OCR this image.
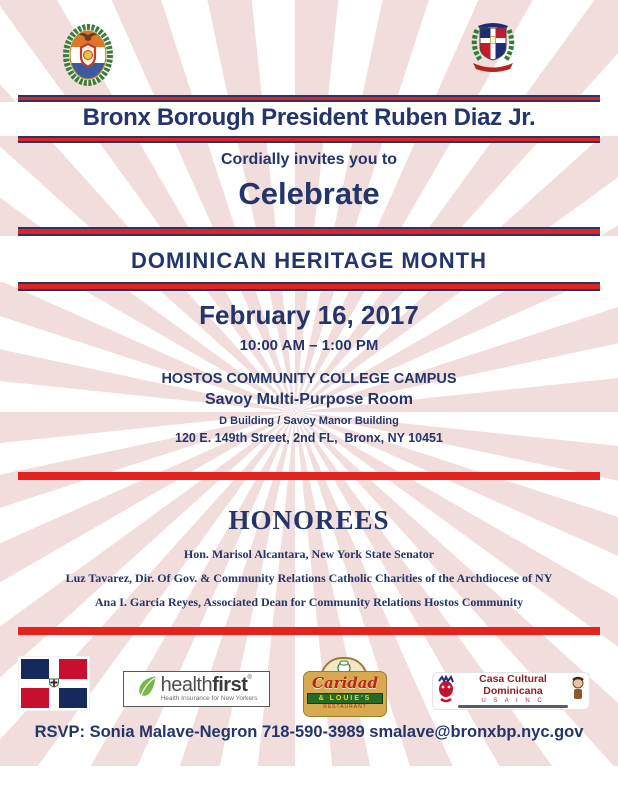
Bronx Borough President Ruben Diaz Jr.
Cordially invites you to
Celebrate
DOMINICAN HERITAGE MONTH
February 16, 2017
10:00 AM – 1:00 PM
HOSTOS COMMUNITY COLLEGE CAMPUS
Savoy Multi-Purpose Room
D Building / Savoy Manor Building
120 E. 149th Street, 2nd FL,  Bronx, NY 10451
HONOREES
Hon. Marisol Alcantara, New York State Senator
Luz Tavarez, Dir. Of Gov. & Community Relations Catholic Charities of the Archdiocese of NY
Ana I. Garcia Reyes, Associated Dean for Community Relations Hostos Community
healthfirst®
Health Insurance for New Yorkers
Caridad
& LOUIE'S
RESTAURANT
Casa Cultural Dominicana
U S A I N C
RSVP: Sonia Malave-Negron 718-590-3989 smalave@bronxbp.nyc.gov
